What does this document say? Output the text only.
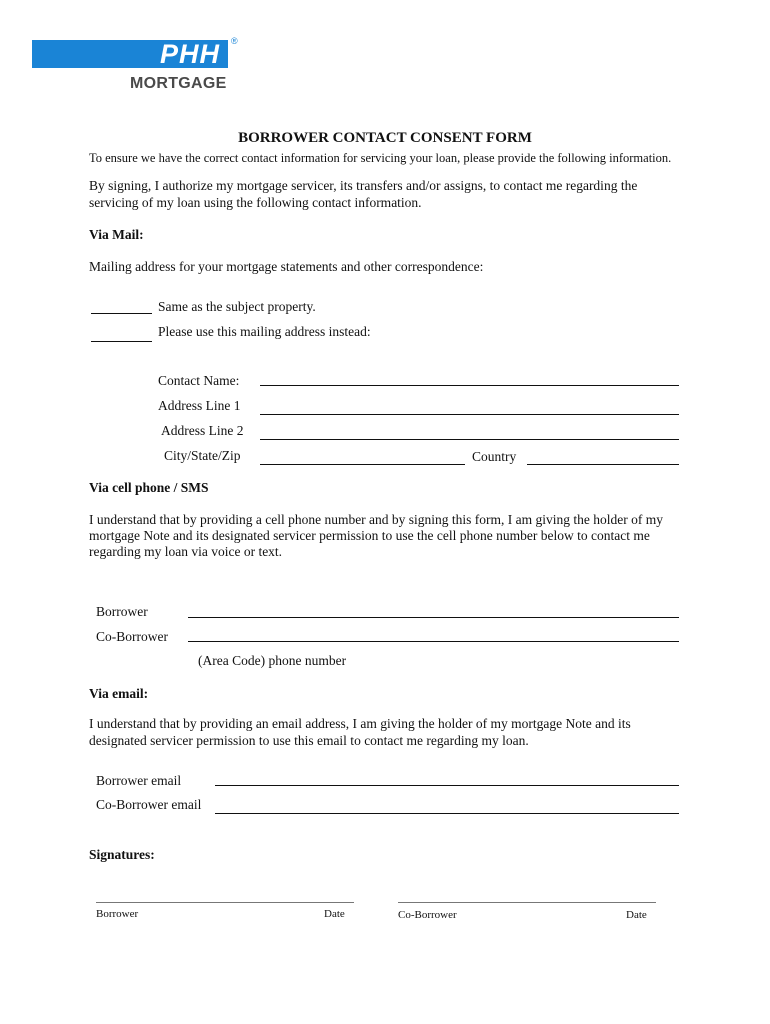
PHH ®
MORTGAGE
BORROWER CONTACT CONSENT FORM
To ensure we have the correct contact information for servicing your loan, please provide the following information.
By signing, I authorize my mortgage servicer, its transfers and/or assigns, to contact me regarding the
servicing of my loan using the following contact information.
Via Mail:
Mailing address for your mortgage statements and other correspondence:
Same as the subject property.
Please use this mailing address instead:
Contact Name:
Address Line 1
Address Line 2
City/State/Zip	Country
Via cell phone / SMS
I understand that by providing a cell phone number and by signing this form, I am giving the holder of my
mortgage Note and its designated servicer permission to use the cell phone number below to contact me
regarding my loan via voice or text.
Borrower
Co-Borrower
(Area Code) phone number
Via email:
I understand that by providing an email address, I am giving the holder of my mortgage Note and its
designated servicer permission to use this email to contact me regarding my loan.
Borrower email
Co-Borrower email
Signatures:
Borrower	Date	Co-Borrower	Date
